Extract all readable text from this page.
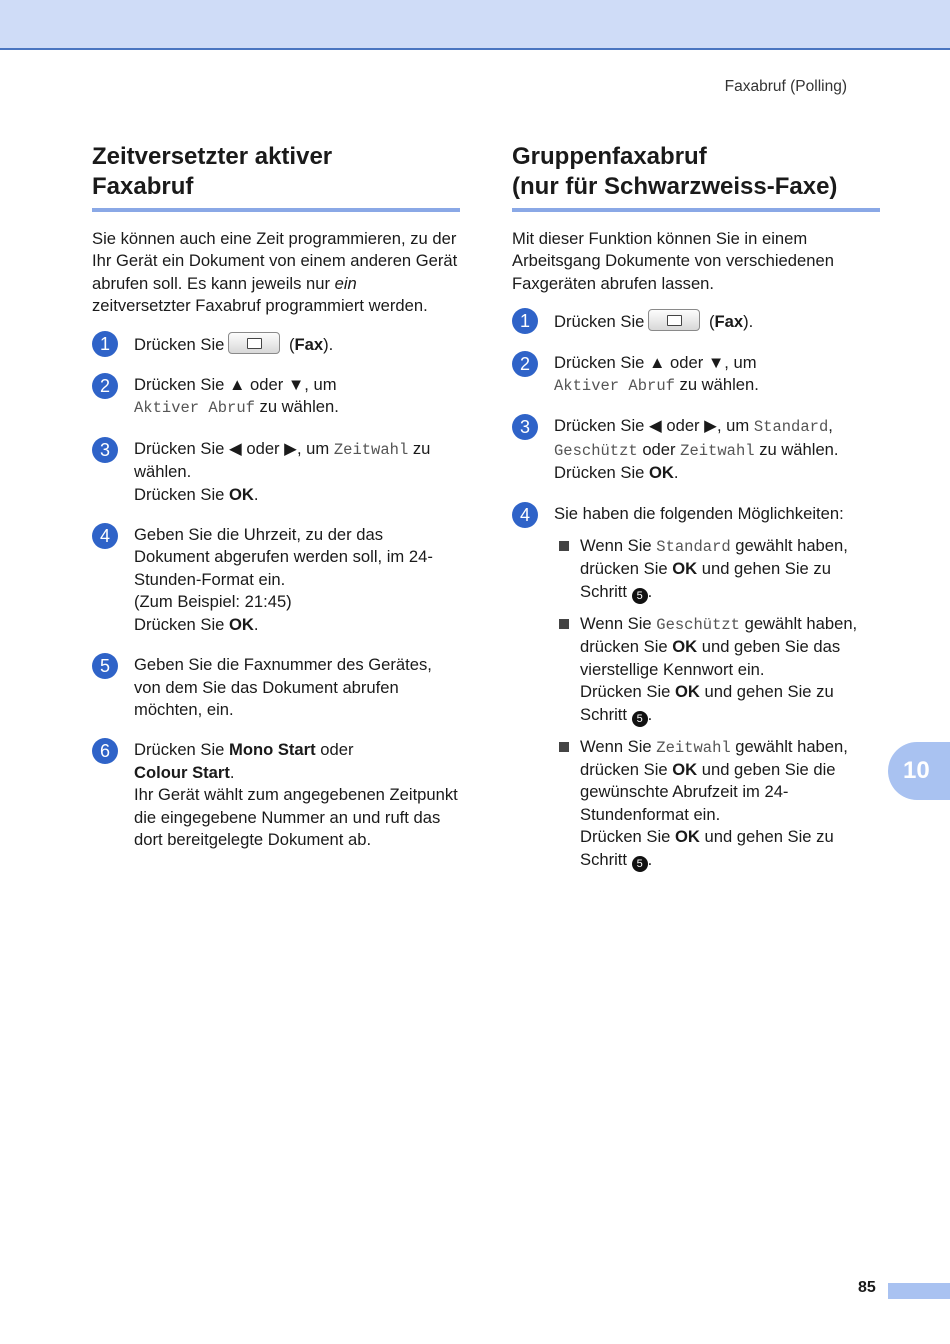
Faxabruf (Polling)
Zeitversetzter aktiver
Faxabruf

Sie können auch eine Zeit programmieren, zu der Ihr Gerät ein Dokument von einem anderen Gerät abrufen soll. Es kann jeweils nur ein zeitversetzter Faxabruf programmiert werden.

1	Drücken Sie	(Fax).
2	Drücken Sie ▲ oder ▼, um
Aktiver Abruf zu wählen.
3	Drücken Sie ◀ oder ▶, um Zeitwahl zu wählen.
Drücken Sie OK.
4	Geben Sie die Uhrzeit, zu der das Dokument abgerufen werden soll, im 24-Stunden-Format ein.
(Zum Beispiel: 21:45)
Drücken Sie OK.
5	Geben Sie die Faxnummer des Gerätes, von dem Sie das Dokument abrufen möchten, ein.
6	Drücken Sie Mono Start oder
Colour Start.
Ihr Gerät wählt zum angegebenen Zeitpunkt die eingegebene Nummer an und ruft das dort bereitgelegte Dokument ab.
Gruppenfaxabruf
(nur für Schwarzweiss-Faxe)

Mit dieser Funktion können Sie in einem Arbeitsgang Dokumente von verschiedenen Faxgeräten abrufen lassen.

1	Drücken Sie	(Fax).
2	Drücken Sie ▲ oder ▼, um
Aktiver Abruf zu wählen.
3	Drücken Sie ◀ oder ▶, um Standard,
Geschützt oder Zeitwahl zu wählen.
Drücken Sie OK.
4	Sie haben die folgenden Möglichkeiten:
Wenn Sie Standard gewählt haben, drücken Sie OK und gehen Sie zu Schritt 5 .
Wenn Sie Geschützt gewählt haben, drücken Sie OK und geben Sie das vierstellige Kennwort ein.
Drücken Sie OK und gehen Sie zu Schritt 5 .
Wenn Sie Zeitwahl gewählt haben, drücken Sie OK und geben Sie die gewünschte Abrufzeit im 24-Stundenformat ein.
Drücken Sie OK und gehen Sie zu Schritt 5 .
10
85
